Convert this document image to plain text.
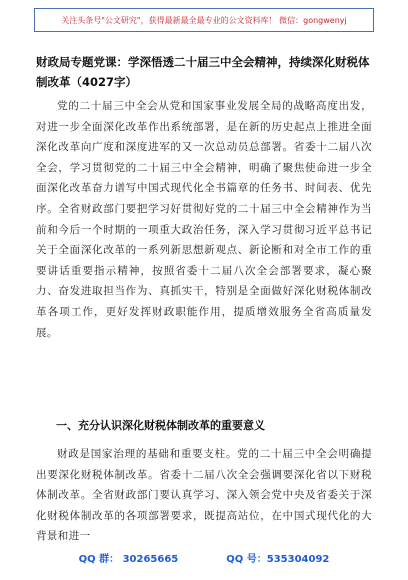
关注头条号"公文研究"，获得最新最全最专业的公文资料库！ 微信：gongwenyj
财政局专题党课：学深悟透二十届三中全会精神，持续深化财税体制改革（4027字）
党的二十届三中全会从党和国家事业发展全局的战略高度出发，对进一步全面深化改革作出系统部署，是在新的历史起点上推进全面深化改革向广度和深度进军的又一次总动员总部署。省委十二届八次全会，学习贯彻党的二十届三中全会精神，明确了聚焦使命进一步全面深化改革奋力谱写中国式现代化全书篇章的任务书、时间表、优先序。全省财政部门要把学习好贯彻好党的二十届三中全会精神作为当前和今后一个时期的一项重大政治任务，深入学习贯彻习近平总书记关于全面深化改革的一系列新思想新观点、新论断和对全市工作的重要讲话重要指示精神，按照省委十二届八次全会部署要求，凝心聚力、奋发进取担当作为、真抓实干，特别是全面做好深化财税体制改革各项工作，更好发挥财政职能作用，提质增效服务全省高质量发展。
一、充分认识深化财税体制改革的重要意义
财政是国家治理的基础和重要支柱。党的二十届三中全会明确提出要深化财税体制改革。省委十二届八次全会强调要深化省以下财税体制改革。全省财政部门要认真学习、深入领会党中央及省委关于深化财税体制改革的各项部署要求，既提高站位，在中国式现代化的大背景和进一
QQ 群： 30265665	QQ 号：535304092
